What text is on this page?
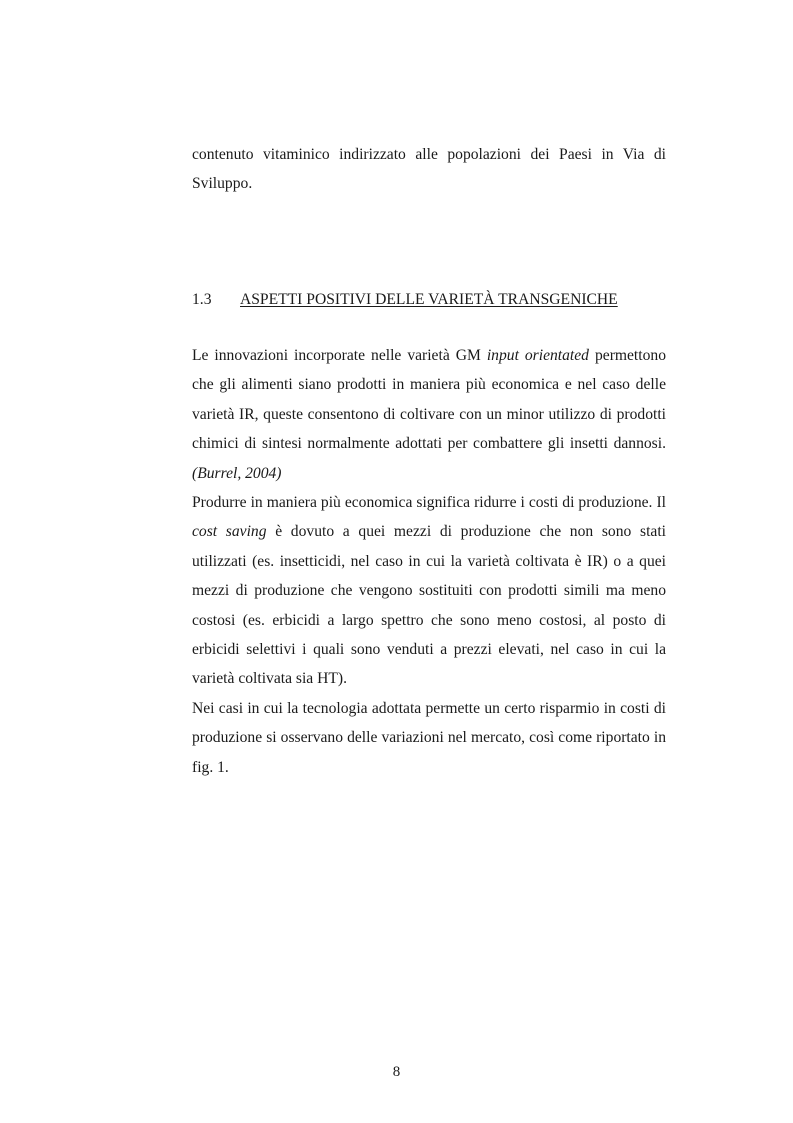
contenuto vitaminico indirizzato alle popolazioni dei Paesi in Via di Sviluppo.
1.3 ASPETTI POSITIVI DELLE VARIETÀ TRANSGENICHE

Le innovazioni incorporate nelle varietà GM input orientated permettono che gli alimenti siano prodotti in maniera più economica e nel caso delle varietà IR, queste consentono di coltivare con un minor utilizzo di prodotti chimici di sintesi normalmente adottati per combattere gli insetti dannosi. (Burrel, 2004)

Produrre in maniera più economica significa ridurre i costi di produzione. Il cost saving è dovuto a quei mezzi di produzione che non sono stati utilizzati (es. insetticidi, nel caso in cui la varietà coltivata è IR) o a quei mezzi di produzione che vengono sostituiti con prodotti simili ma meno costosi (es. erbicidi a largo spettro che sono meno costosi, al posto di erbicidi selettivi i quali sono venduti a prezzi elevati, nel caso in cui la varietà coltivata sia HT).

Nei casi in cui la tecnologia adottata permette un certo risparmio in costi di produzione si osservano delle variazioni nel mercato, così come riportato in fig. 1.

8
